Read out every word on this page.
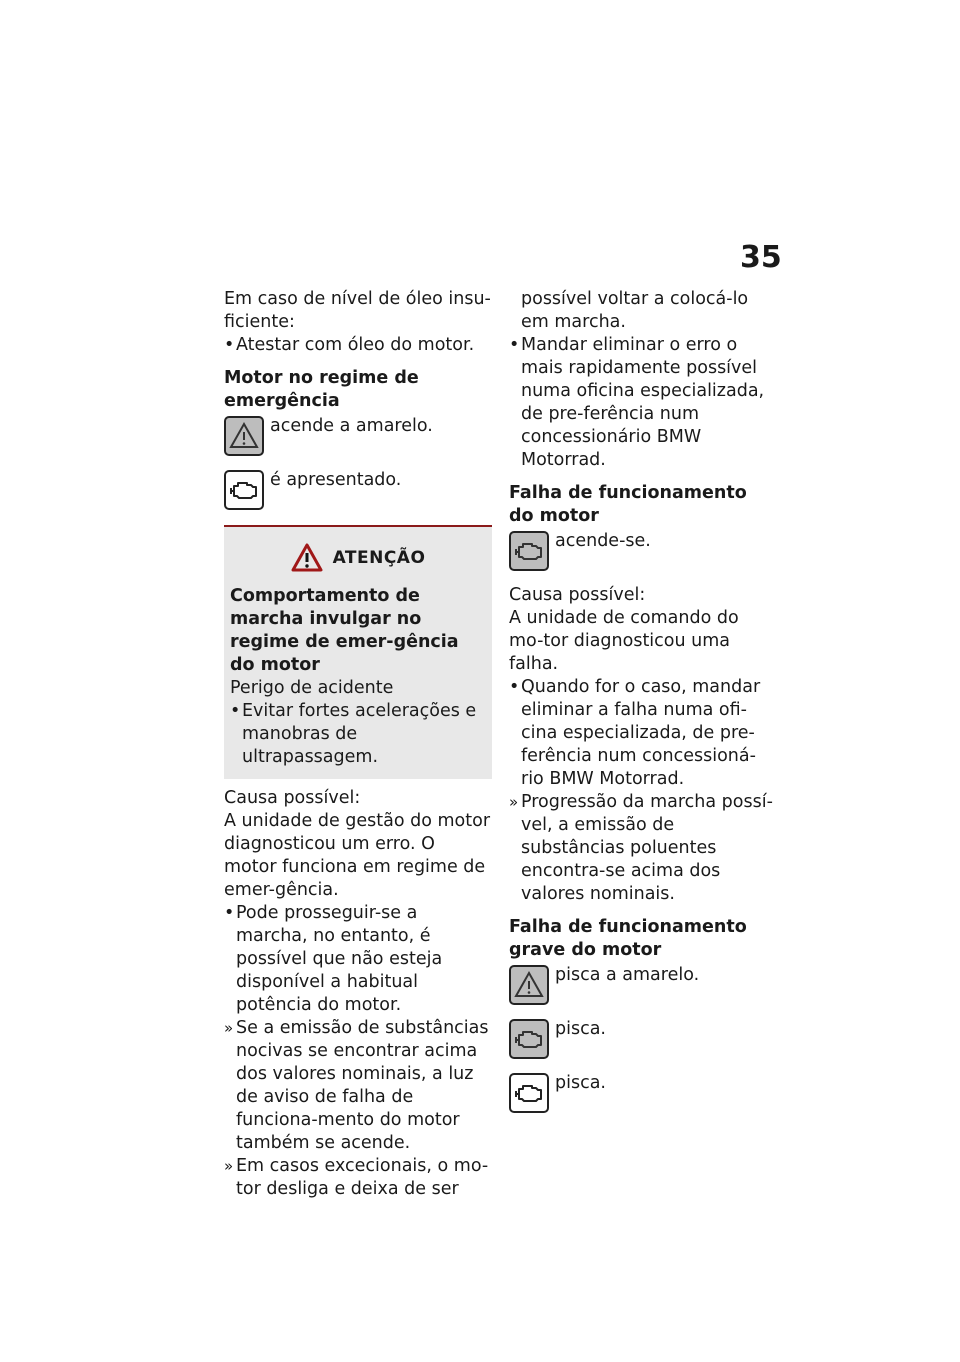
35

Em caso de nível de óleo insu-ficiente:

• Atestar com óleo do motor.

Motor no regime de emergência

acende a amarelo.
é apresentado.
ATENÇÃO

Comportamento de marcha invulgar no regime de emer-gência do motor

Perigo de acidente

• Evitar fortes acelerações e manobras de ultrapassagem.

Causa possível:

A unidade de gestão do motor diagnosticou um erro. O motor funciona em regime de emer-gência.

• Pode prosseguir-se a marcha, no entanto, é possível que não esteja disponível a habitual potência do motor.

» Se a emissão de substâncias nocivas se encontrar acima dos valores nominais, a luz de aviso de falha de funciona-mento do motor também se acende.

» Em casos excecionais, o mo-tor desliga e deixa de ser

possível voltar a colocá-lo em marcha.

• Mandar eliminar o erro o mais rapidamente possível numa oficina especializada, de pre-ferência num concessionário BMW Motorrad.

Falha de funcionamento do motor

acende-se.

Causa possível:

A unidade de comando do mo-tor diagnosticou uma falha.

• Quando for o caso, mandar eliminar a falha numa ofi-cina especializada, de pre-ferência num concessioná-rio BMW Motorrad.

» Progressão da marcha possí-vel, a emissão de substâncias poluentes encontra-se acima dos valores nominais.

Falha de funcionamento grave do motor

pisca a amarelo.
pisca.
pisca.
